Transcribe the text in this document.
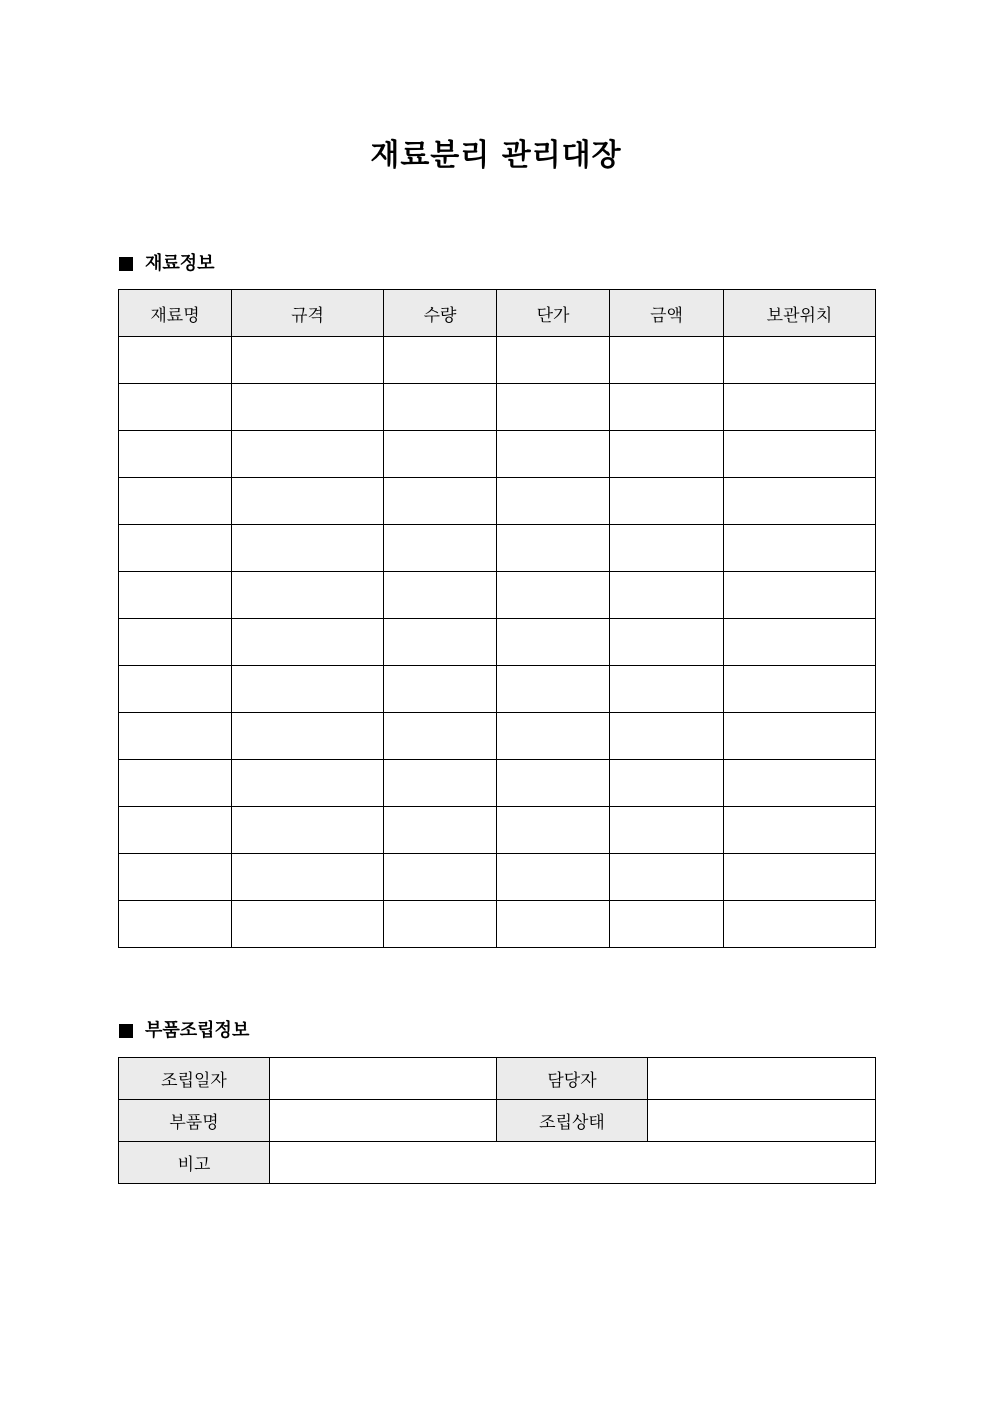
재료분리 관리대장
재료정보
재료명	규격	수량	단가	금액	보관위치

부품조립정보
조립일자		담당자	
부품명		조립상태	
비고			
